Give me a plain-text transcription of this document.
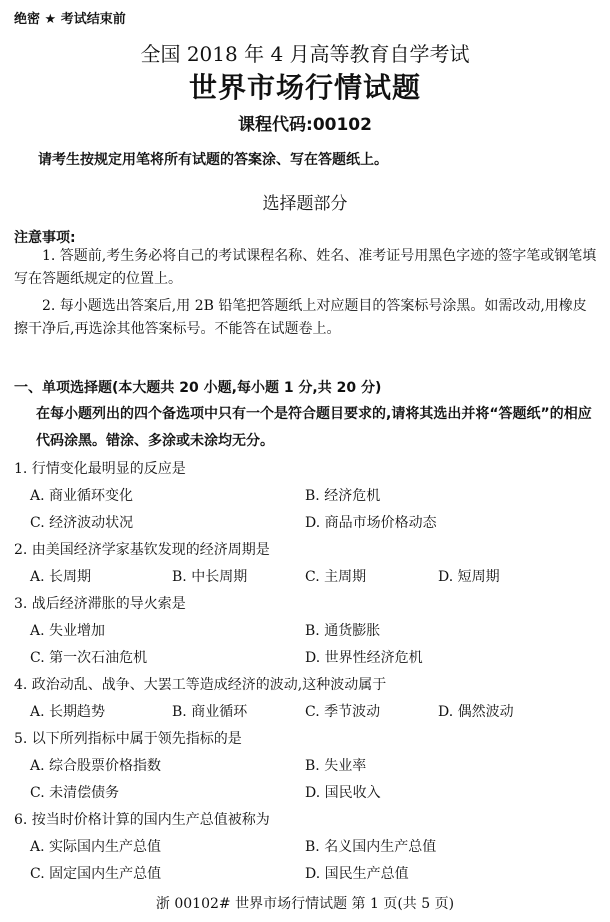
绝密 ★ 考试结束前
全国 2018 年 4 月高等教育自学考试
世界市场行情试题
课程代码:00102
请考生按规定用笔将所有试题的答案涂、写在答题纸上。
选择题部分
注意事项:
1. 答题前,考生务必将自己的考试课程名称、姓名、准考证号用黑色字迹的签字笔或钢笔填写在答题纸规定的位置上。
2. 每小题选出答案后,用 2B 铅笔把答题纸上对应题目的答案标号涂黑。如需改动,用橡皮擦干净后,再选涂其他答案标号。不能答在试题卷上。
一、单项选择题(本大题共 20 小题,每小题 1 分,共 20 分)
在每小题列出的四个备选项中只有一个是符合题目要求的,请将其选出并将“答题纸”的相应代码涂黑。错涂、多涂或未涂均无分。
1. 行情变化最明显的反应是
A. 商业循环变化	B. 经济危机
C. 经济波动状况	D. 商品市场价格动态
2. 由美国经济学家基钦发现的经济周期是
A. 长周期	B. 中长周期	C. 主周期	D. 短周期
3. 战后经济滞胀的导火索是
A. 失业增加	B. 通货膨胀
C. 第一次石油危机	D. 世界性经济危机
4. 政治动乱、战争、大罢工等造成经济的波动,这种波动属于
A. 长期趋势	B. 商业循环	C. 季节波动	D. 偶然波动
5. 以下所列指标中属于领先指标的是
A. 综合股票价格指数	B. 失业率
C. 未清偿债务	D. 国民收入
6. 按当时价格计算的国内生产总值被称为
A. 实际国内生产总值	B. 名义国内生产总值
C. 固定国内生产总值	D. 国民生产总值
浙 00102# 世界市场行情试题 第 1 页(共 5 页)
